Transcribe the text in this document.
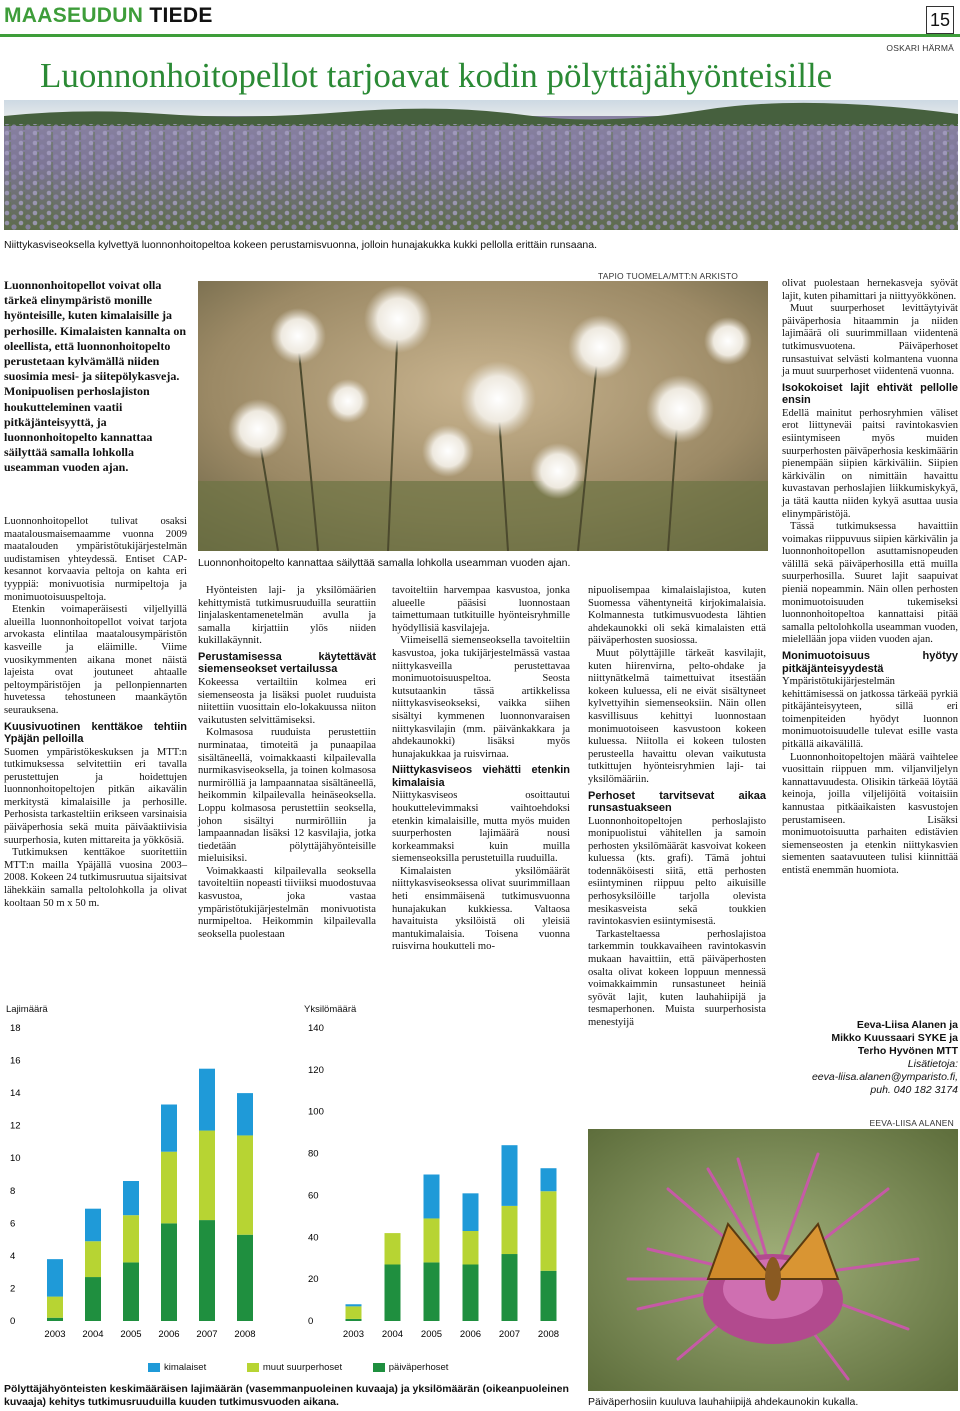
MAASEUDUN TIEDE	15
OSKARI HÄRMÄ
Luonnonhoitopellot tarjoavat kodin pölyttäjähyönteisille
Niittykasviseoksella kylvettyä luonnonhoitopeltoa kokeen perustamisvuonna, jolloin hunajakukka kukki pellolla erittäin runsaana.
Luonnonhoitopellot voivat olla tärkeä elinympäristö monille hyönteisille, kuten kimalaisille ja perhosille. Kimalaisten kannalta on oleellista, että luonnonhoitopelto perustetaan kylvämällä niiden suosimia mesi- ja siitepölykasveja. Monipuolisen perhoslajiston houkutteleminen vaatii pitkäjänteisyyttä, ja luonnonhoitopelto kannattaa säilyttää samalla lohkolla useamman vuoden ajan.

Luonnonhoitopellot tulivat osaksi maatalousmaisemaamme vuonna 2009 maatalouden ympäristötukijärjestelmän uudistamisen yhteydessä. Entiset CAP-kesannot korvaavia peltoja on kahta eri tyyppiä: monivuotisia nurmipeltoja ja monimuotoisuuspeltoja.

Etenkin voimaperäisesti viljellyillä alueilla luonnonhoitopellot voivat tarjota arvokasta elintilaa maatalousympäristön kasveille ja eläimille. Viime vuosikymmenten aikana monet näistä lajeista ovat joutuneet ahtaalle peltoympäristöjen ja pellonpiennarten huvetessa tehostuneen maankäytön seurauksena.

Kuusivuotinen kenttäkoe tehtiin Ypäjän pelloilla

Suomen ympäristökeskuksen ja MTT:n tutkimuksessa selvitettiin eri tavalla perustettujen ja hoidettujen luonnonhoitopeltojen pitkän aikavälin merkitystä kimalaisille ja perhosille. Perhosista tarkasteltiin erikseen varsinaisia päiväperhosia sekä muita päiväaktiivisia suurperhosia, kuten mittareita ja yökkösiä.

Tutkimuksen kenttäkoe suoritettiin MTT:n mailla Ypäjällä vuosina 2003–2008. Kokeen 24 tutkimusruutua sijaitsivat lähekkäin samalla peltolohkolla ja olivat kooltaan 50 m x 50 m.

TAPIO TUOMELA/MTT:N ARKISTO
Luonnonhoitopelto kannattaa säilyttää samalla lohkolla useamman vuoden ajan.

Hyönteisten laji- ja yksilömäärien kehittymistä tutkimusruuduilla seurattiin linjalaskentamenetelmän avulla ja samalla kirjattiin ylös niiden kukillakäynnit.

Perustamisessa käytettävät siemenseokset vertailussa

Kokeessa vertailtiin kolmea eri siemenseosta ja lisäksi puolet ruuduista niitettiin vuosittain elo-lokakuussa niiton vaikutusten selvittämiseksi.

Kolmasosa ruuduista perustettiin nurminataa, timoteitä ja punaapilaa sisältäneellä, voimakkaasti kilpailevalla nurmikasviseoksella, ja toinen kolmasosa nurmirölliä ja lampaannataa sisältäneellä, heikommin kilpailevalla heinäseoksella. Loppu kolmasosa perustettiin seoksella, johon sisältyi nurmirölliin ja lampaannadan lisäksi 12 kasvilajia, jotka tiedetään pölyttäjähyönteisille mieluisiksi.

Voimakkaasti kilpailevalla seoksella tavoiteltiin nopeasti tiiviiksi muodostuvaa kasvustoa, joka vastaa ympäristötukijärjestelmän monivuotista nurmipeltoa. Heikommin kilpailevalla seoksella puolestaan

tavoiteltiin harvempaa kasvustoa, jonka alueelle pääsisi luonnostaan taimettumaan tutkituille hyönteisryhmille hyödyllisiä kasvilajeja.

Viimeisellä siemenseoksella tavoiteltiin kasvustoa, joka tukijärjestelmässä vastaa niittykasveilla perustettavaa monimuotoisuuspeltoa. Seosta kutsutaankin tässä artikkelissa niittykasviseokseksi, vaikka siihen sisältyi kymmenen luonnonvaraisen niittykasvilajin (mm. päivänkakkara ja ahdekaunokki) lisäksi myös hunajakukkaa ja ruisvirnaa.

Niittykasviseos viehätti etenkin kimalaisia

Niittykasviseos osoittautui houkuttelevimmaksi vaihtoehdoksi etenkin kimalaisille, mutta myös muiden suurperhosten lajimäärä nousi korkeammaksi kuin muilla siemenseoksilla perustetuilla ruuduilla.

Kimalaisten yksilömäärät niittykasviseoksessa olivat suurimmillaan heti ensimmäisenä tutkimusvuonna hunajakukan kukkiessa. Valtaosa havaituista yksilöistä oli yleisiä mantukimalaisia. Toisena vuonna ruisvirna houkutteli mo-

nipuolisempaa kimalaislajistoa, kuten Suomessa vähentyneitä kirjokimalaisia. Kolmannesta tutkimusvuodesta lähtien ahdekaunokki oli sekä kimalaisten että päiväperhosten suosiossa.

Muut pölyttäjille tärkeät kasvilajit, kuten hiirenvirna, pelto-ohdake ja niittynätkelmä taimettuivat itsestään kokeen kuluessa, eli ne eivät sisältyneet kylvettyihin siemenseoksiin. Näin ollen kasvillisuus kehittyi luonnostaan monimuotoiseen kasvustoon kokeen kuluessa. Niitolla ei kokeen tulosten perusteella havaittu olevan vaikutusta tutkittujen hyönteisryhmien laji- tai yksilömääriin.

Perhoset tarvitsevat aikaa runsastuakseen

Luonnonhoitopeltojen perhoslajisto monipuolistui vähitellen ja samoin perhosten yksilömäärät kasvoivat kokeen kuluessa (kts. grafi). Tämä johtui todennäköisesti siitä, että perhosten esiintyminen riippuu pelto aikuisille perhosyksilöille tarjolla olevista mesikasveista sekä toukkien ravintokasvien esiintymisestä.

Tarkasteltaessa perhoslajistoa tarkemmin toukkavaiheen ravintokasvin mukaan havaittiin, että päiväperhosten osalta olivat kokeen loppuun mennessä voimakkaimmin runsastuneet heiniä syövät lajit, kuten lauhahiipijä ja tesmaperhonen. Muista suurperhosista menestyijä

olivat puolestaan hernekasveja syövät lajit, kuten pihamittari ja niittyyökkönen.

Muut suurperhoset levittäytyivät päiväperhosia hitaammin ja niiden lajimäärä oli suurimmillaan viidentenä tutkimusvuotena. Päiväperhoset runsastuivat selvästi kolmantena vuonna ja muut suurperhoset viidentenä vuonna.

Isokokoiset lajit ehtivät pellolle ensin

Edellä mainitut perhosryhmien väliset erot liittyneväi paitsi ravintokasvien esiintymiseen myös muiden suurperhosten päiväperhosia keskimäärin pienempään siipien kärkiväliin. Siipien kärkivälin on nimittäin havaittu kuvastavan perhoslajien liikkumiskykyä, ja tätä kautta niiden kykyä asuttaa uusia elinympäristöjä.

Tässä tutkimuksessa havaittiin voimakas riippuvuus siipien kärkivälin ja luonnonhoitopellon asuttamisnopeuden välillä sekä päiväperhosilla että muilla suurperhosilla. Suuret lajit saapuivat pieniä nopeammin. Näin ollen perhosten monimuotoisuuden tukemiseksi luonnonhoitopeltoa kannattaisi pitää samalla peltolohkolla useamman vuoden, mielellään jopa viiden vuoden ajan.

Monimuotoisuus hyötyy pitkäjänteisyydestä

Ympäristötukijärjestelmän kehittämisessä on jatkossa tärkeää pyrkiä pitkäjänteisyyteen, sillä eri toimenpiteiden hyödyt luonnon monimuotoisuudelle tulevat esille vasta pitkällä aikavälillä.

Luonnonhoitopeltojen määrä vaihtelee vuosittain riippuen mm. viljanviljelyn kannattavuudesta. Olisikin tärkeää löytää keinoja, joilla viljelijöitä voitaisiin kannustaa pitkäaikaisten kasvustojen perustamiseen. Lisäksi monimuotoisuutta parhaiten edistävien siemenseosten ja etenkin niittykasvien siementen saatavuuteen tulisi kiinnittää entistä enemmän huomiota.

Eeva-Liisa Alanen ja
Mikko Kuussaari SYKE ja
Terho Hyvönen MTT
Lisätietoja:
eeva-liisa.alanen@ymparisto.fi,
puh. 040 182 3174
EEVA-LIISA ALANEN
Päiväperhosiin kuuluva lauhahiipijä ahdekaunokin kukalla.
Lajimäärä	Yksilömäärä
0
2
4
6
8
10
12
14
16
18
2003 2004 2005 2006 2007 2008
0
20
40
60
80
100
120
140
2003 2004 2005 2006 2007 2008
kimalaiset	muut suurperhoset	päiväperhoset
Pölyttäjähyönteisten keskimääräisen lajimäärän (vasemmanpuoleinen kuvaaja) ja yksilömäärän (oikeanpuoleinen kuvaaja) kehitys tutkimusruuduilla kuuden tutkimusvuoden aikana.
